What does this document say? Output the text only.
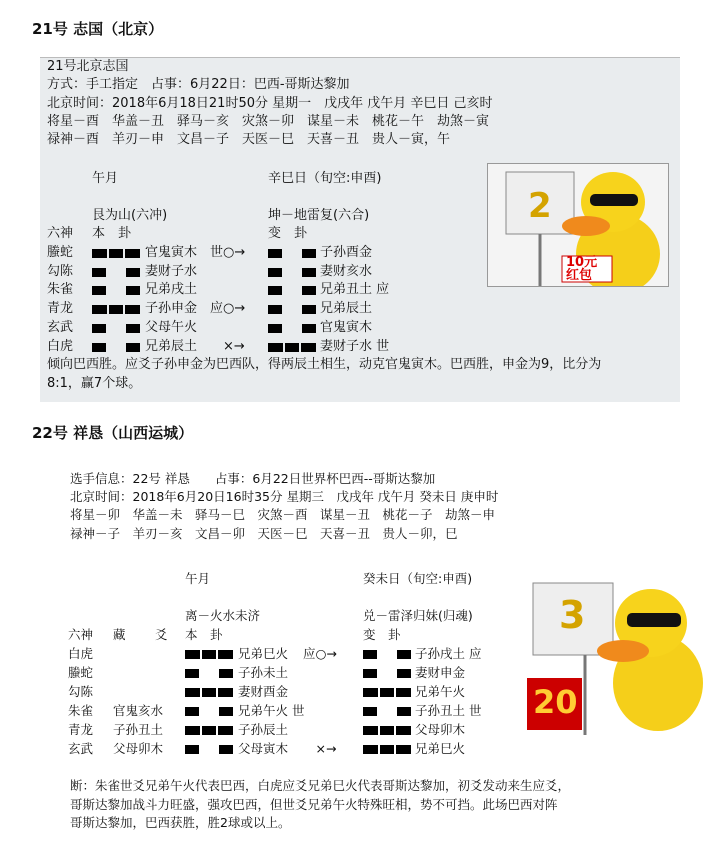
21号 志国（北京）
21号北京志国
方式：手工指定　占事：6月22日：巴西-哥斯达黎加
北京时间：2018年6月18日21时50分 星期一　戊戌年 戊午月 辛巳日 己亥时
将星－酉　华盖－丑　驿马－亥　灾煞－卯　谋星－未　桃花－午　劫煞－寅
禄神－酉　羊刃－申　文昌－子　天医－巳　天喜－丑　贵人－寅，午
午月	辛巳日（旬空:申酉)
艮为山(六冲)	坤－地雷复(六合)
六神 本　卦	变　卦
螣蛇	官鬼寅木 世○→	子孙酉金
勾陈	妻财子水	妻财亥水
朱雀	兄弟戌土	兄弟丑土 应
青龙	子孙申金 应○→	兄弟辰土
玄武	父母午火	官鬼寅木
白虎	兄弟辰土 　×→	妻财子水 世
倾向巴西胜。应爻子孙申金为巴西队，得两辰土相生，动克官鬼寅木。巴西胜，申金为9，比分为
8:1，赢7个球。
2
10元
红包
22号 祥恳（山西运城）
选手信息：22号 祥恳　　占事：6月22日世界杯巴西--哥斯达黎加
北京时间：2018年6月20日16时35分 星期三　戊戌年 戊午月 癸未日 庚申时
将星－卯　华盖－未　驿马－巳　灾煞－酉　谋星－丑　桃花－子　劫煞－申
禄神－子　羊刃－亥　文昌－卯　天医－巳　天喜－丑　贵人－卯，巳
午月	癸未日（旬空:申酉)
离－火水未济	兑－雷泽归妹(归魂)
六神 藏 爻 本　卦	变　卦
白虎	兄弟巳火 应○→	子孙戌土 应
螣蛇	子孙未土	妻财申金
勾陈	妻财酉金	兄弟午火
朱雀 官鬼亥水	兄弟午火 世	子孙丑土 世
青龙 子孙丑土	子孙辰土	父母卯木
玄武 父母卯木	父母寅木 　×→	兄弟巳火
断：朱雀世爻兄弟午火代表巴西，白虎应爻兄弟巳火代表哥斯达黎加，初爻发动来生应爻，
哥斯达黎加战斗力旺盛，强攻巴西，但世爻兄弟午火特殊旺相，势不可挡。此场巴西对阵
哥斯达黎加，巴西获胜，胜2球或以上。
3
20
